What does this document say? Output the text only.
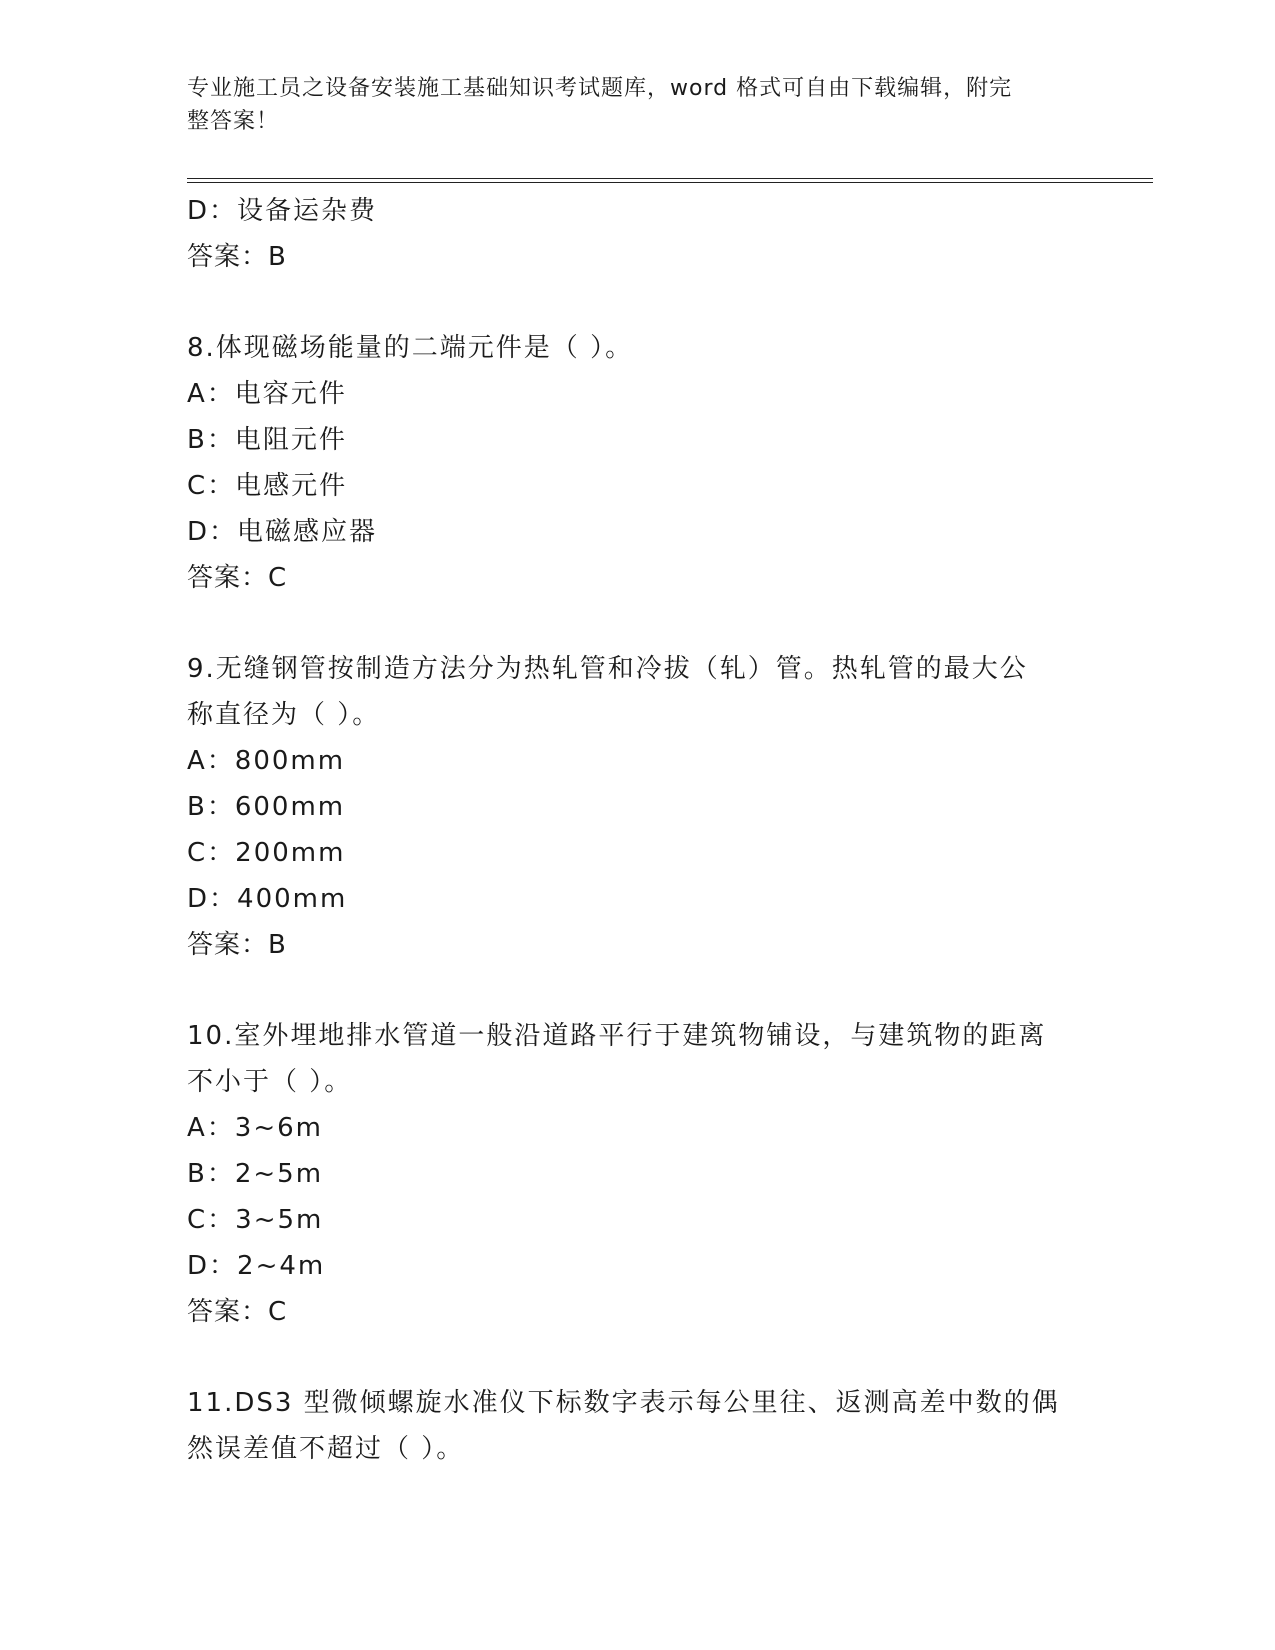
专业施工员之设备安装施工基础知识考试题库，word 格式可自由下载编辑，附完
整答案！
D：设备运杂费
答案：B
8.体现磁场能量的二端元件是（ ）。
A：电容元件
B：电阻元件
C：电感元件
D：电磁感应器
答案：C
9.无缝钢管按制造方法分为热轧管和冷拔（轧）管。热轧管的最大公
称直径为（ ）。
A：800mm
B：600mm
C：200mm
D：400mm
答案：B
10.室外埋地排水管道一般沿道路平行于建筑物铺设，与建筑物的距离
不小于（ ）。
A：3~6m
B：2~5m
C：3~5m
D：2~4m
答案：C
11.DS3 型微倾螺旋水准仪下标数字表示每公里往、返测高差中数的偶
然误差值不超过（ ）。
